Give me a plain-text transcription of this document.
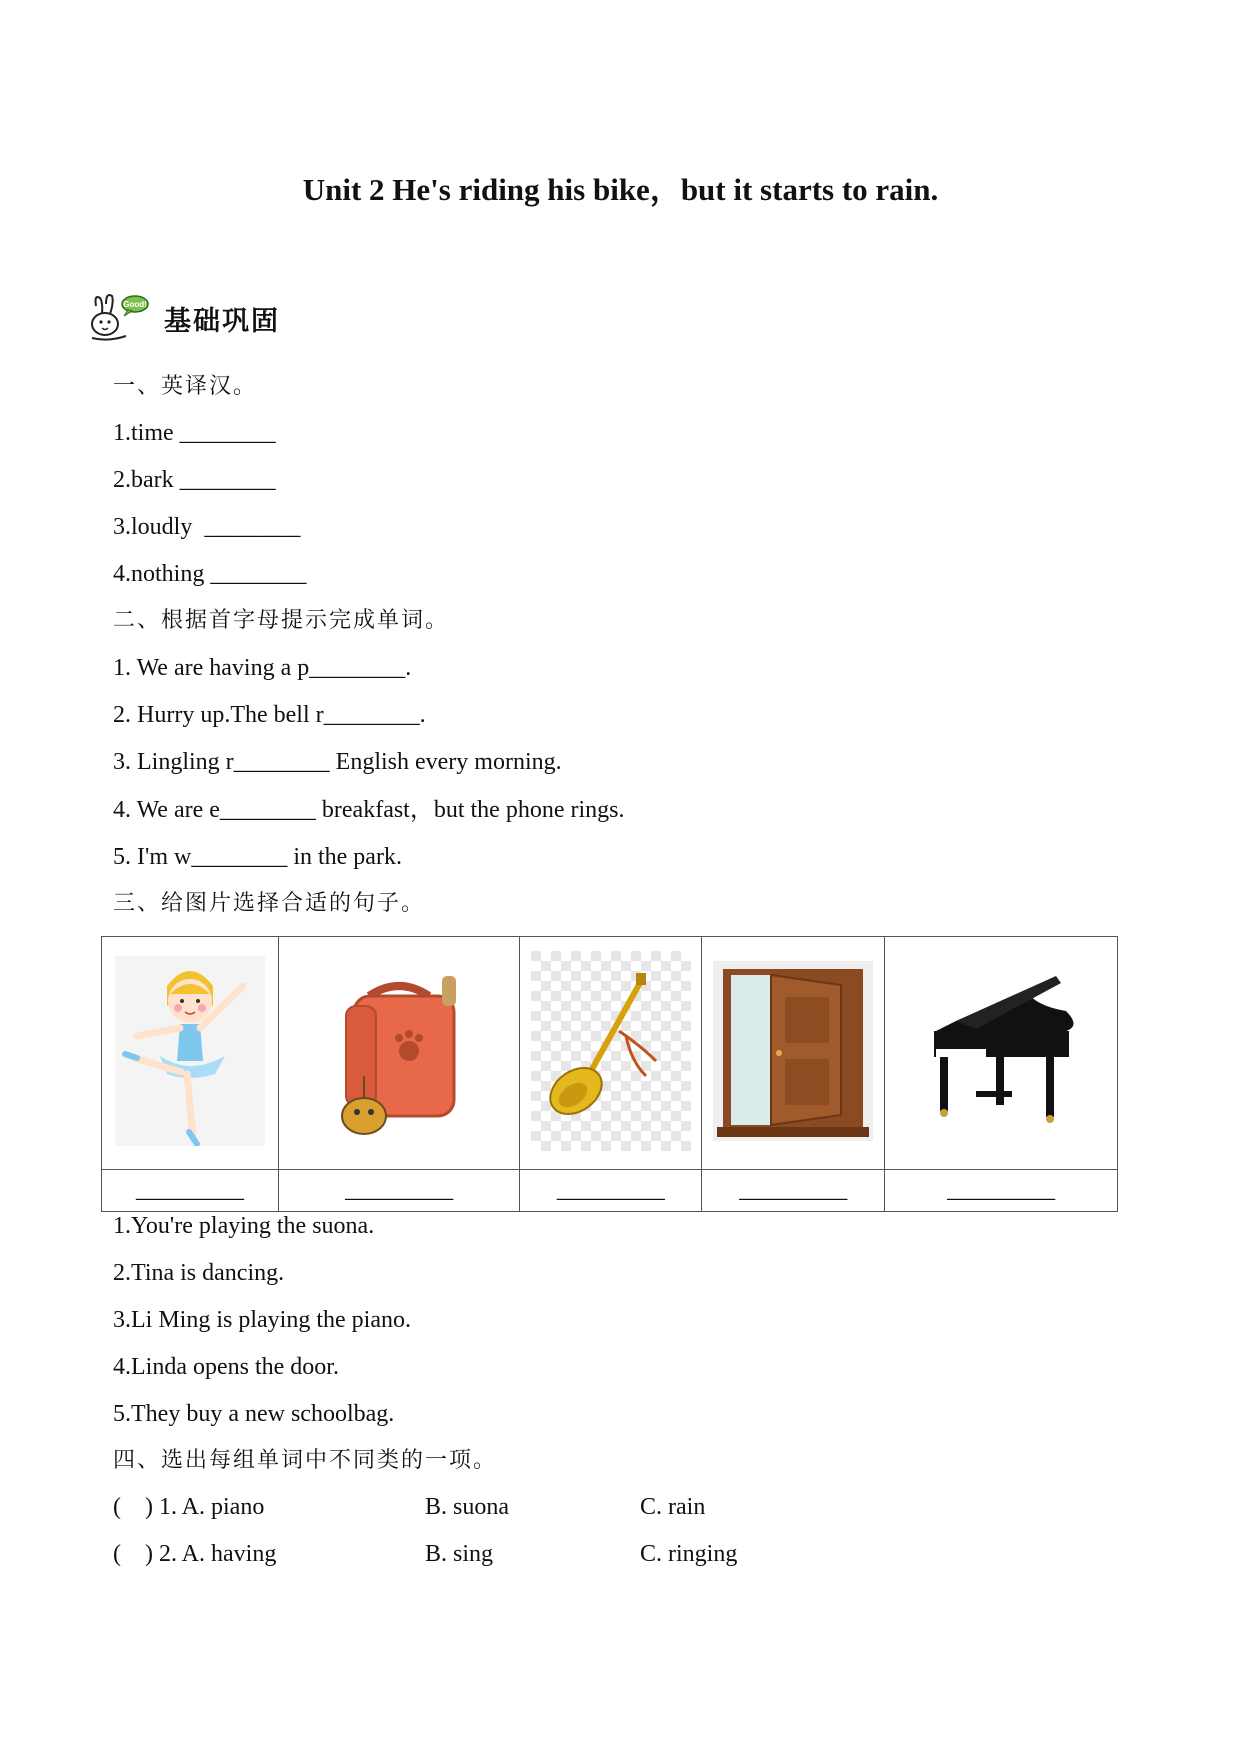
Unit 2 He's riding his bike，but it starts to rain.
Good!
基础巩固
一、英译汉。
1.time ________
2.bark ________
3.loudly  ________
4.nothing ________
二、根据首字母提示完成单词。
1. We are having a p________.
2. Hurry up.The bell r________.
3. Lingling r________ English every morning.
4. We are e________ breakfast，but the phone rings.
5. I'm w________ in the park.
三、给图片选择合适的句子。

_________	_________	_________	_________	_________
1.You're playing the suona.
2.Tina is dancing.
3.Li Ming is playing the piano.
4.Linda opens the door.
5.They buy a new schoolbag.
四、选出每组单词中不同类的一项。
(    ) 1. A. piano	B. suona	C. rain
(    ) 2. A. having	B. sing	C. ringing
